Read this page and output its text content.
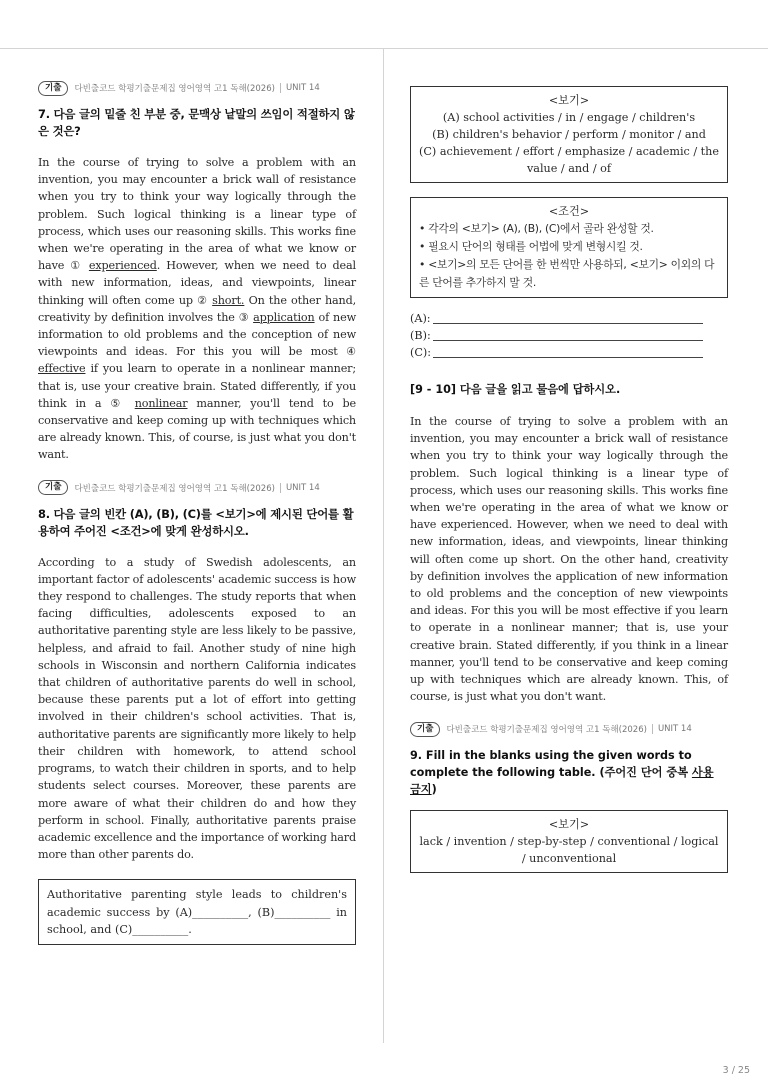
기출	다빈출코드 학평기출문제집 영어영역 고1 독해(2026) UNIT 14
7. 다음 글의 밑줄 친 부분 중, 문맥상 낱말의 쓰임이 적절하지 않은 것은?

In the course of trying to solve a problem with an invention, you may encounter a brick wall of resistance when you try to think your way logically through the problem. Such logical thinking is a linear type of process, which uses our reasoning skills. This works fine when we're operating in the area of what we know or have ① experienced. However, when we need to deal with new information, ideas, and viewpoints, linear thinking will often come up ② short. On the other hand, creativity by definition involves the ③ application of new information to old problems and the conception of new viewpoints and ideas. For this you will be most ④ effective if you learn to operate in a nonlinear manner; that is, use your creative brain. Stated differently, if you think in a ⑤ nonlinear manner, you'll tend to be conservative and keep coming up with techniques which are already known. This, of course, is just what you don't want.

기출	다빈출코드 학평기출문제집 영어영역 고1 독해(2026) UNIT 14
8. 다음 글의 빈칸 (A), (B), (C)를 <보기>에 제시된 단어를 활용하여 주어진 <조건>에 맞게 완성하시오.

According to a study of Swedish adolescents, an important factor of adolescents' academic success is how they respond to challenges. The study reports that when facing difficulties, adolescents exposed to an authoritative parenting style are less likely to be passive, helpless, and afraid to fail. Another study of nine high schools in Wisconsin and northern California indicates that children of authoritative parents do well in school, because these parents put a lot of effort into getting involved in their children's school activities. That is, authoritative parents are significantly more likely to help their children with homework, to attend school programs, to watch their children in sports, and to help students select courses. Moreover, these parents are more aware of what their children do and how they perform in school. Finally, authoritative parents praise academic excellence and the importance of working hard more than other parents do.

Authoritative parenting style leads to children's academic success by (A)__________, (B)__________ in school, and (C)__________.
<보기>
(A) school activities / in / engage / children's
(B) children's behavior / perform / monitor / and
(C) achievement / effort / emphasize / academic / the
value / and / of
<조건>
• 각각의 <보기> (A), (B), (C)에서 골라 완성할 것.
• 필요시 단어의 형태를 어법에 맞게 변형시킬 것.
• <보기>의 모든 단어를 한 번씩만 사용하되, <보기> 이외의 다른 단어를 추가하지 말 것.
(A):
(B):
(C):
[9 - 10] 다음 글을 읽고 물음에 답하시오.

In the course of trying to solve a problem with an invention, you may encounter a brick wall of resistance when you try to think your way logically through the problem. Such logical thinking is a linear type of process, which uses our reasoning skills. This works fine when we're operating in the area of what we know or have experienced. However, when we need to deal with new information, ideas, and viewpoints, linear thinking will often come up short. On the other hand, creativity by definition involves the application of new information to old problems and the conception of new viewpoints and ideas. For this you will be most effective if you learn to operate in a nonlinear manner; that is, use your creative brain. Stated differently, if you think in a linear manner, you'll tend to be conservative and keep coming up with techniques which are already known. This, of course, is just what you don't want.

기출	다빈출코드 학평기출문제집 영어영역 고1 독해(2026) UNIT 14
9. Fill in the blanks using the given words to complete the following table. (주어진 단어 중복 사용 금지)
<보기>
lack / invention / step-by-step / conventional / logical
/ unconventional
3 / 25
